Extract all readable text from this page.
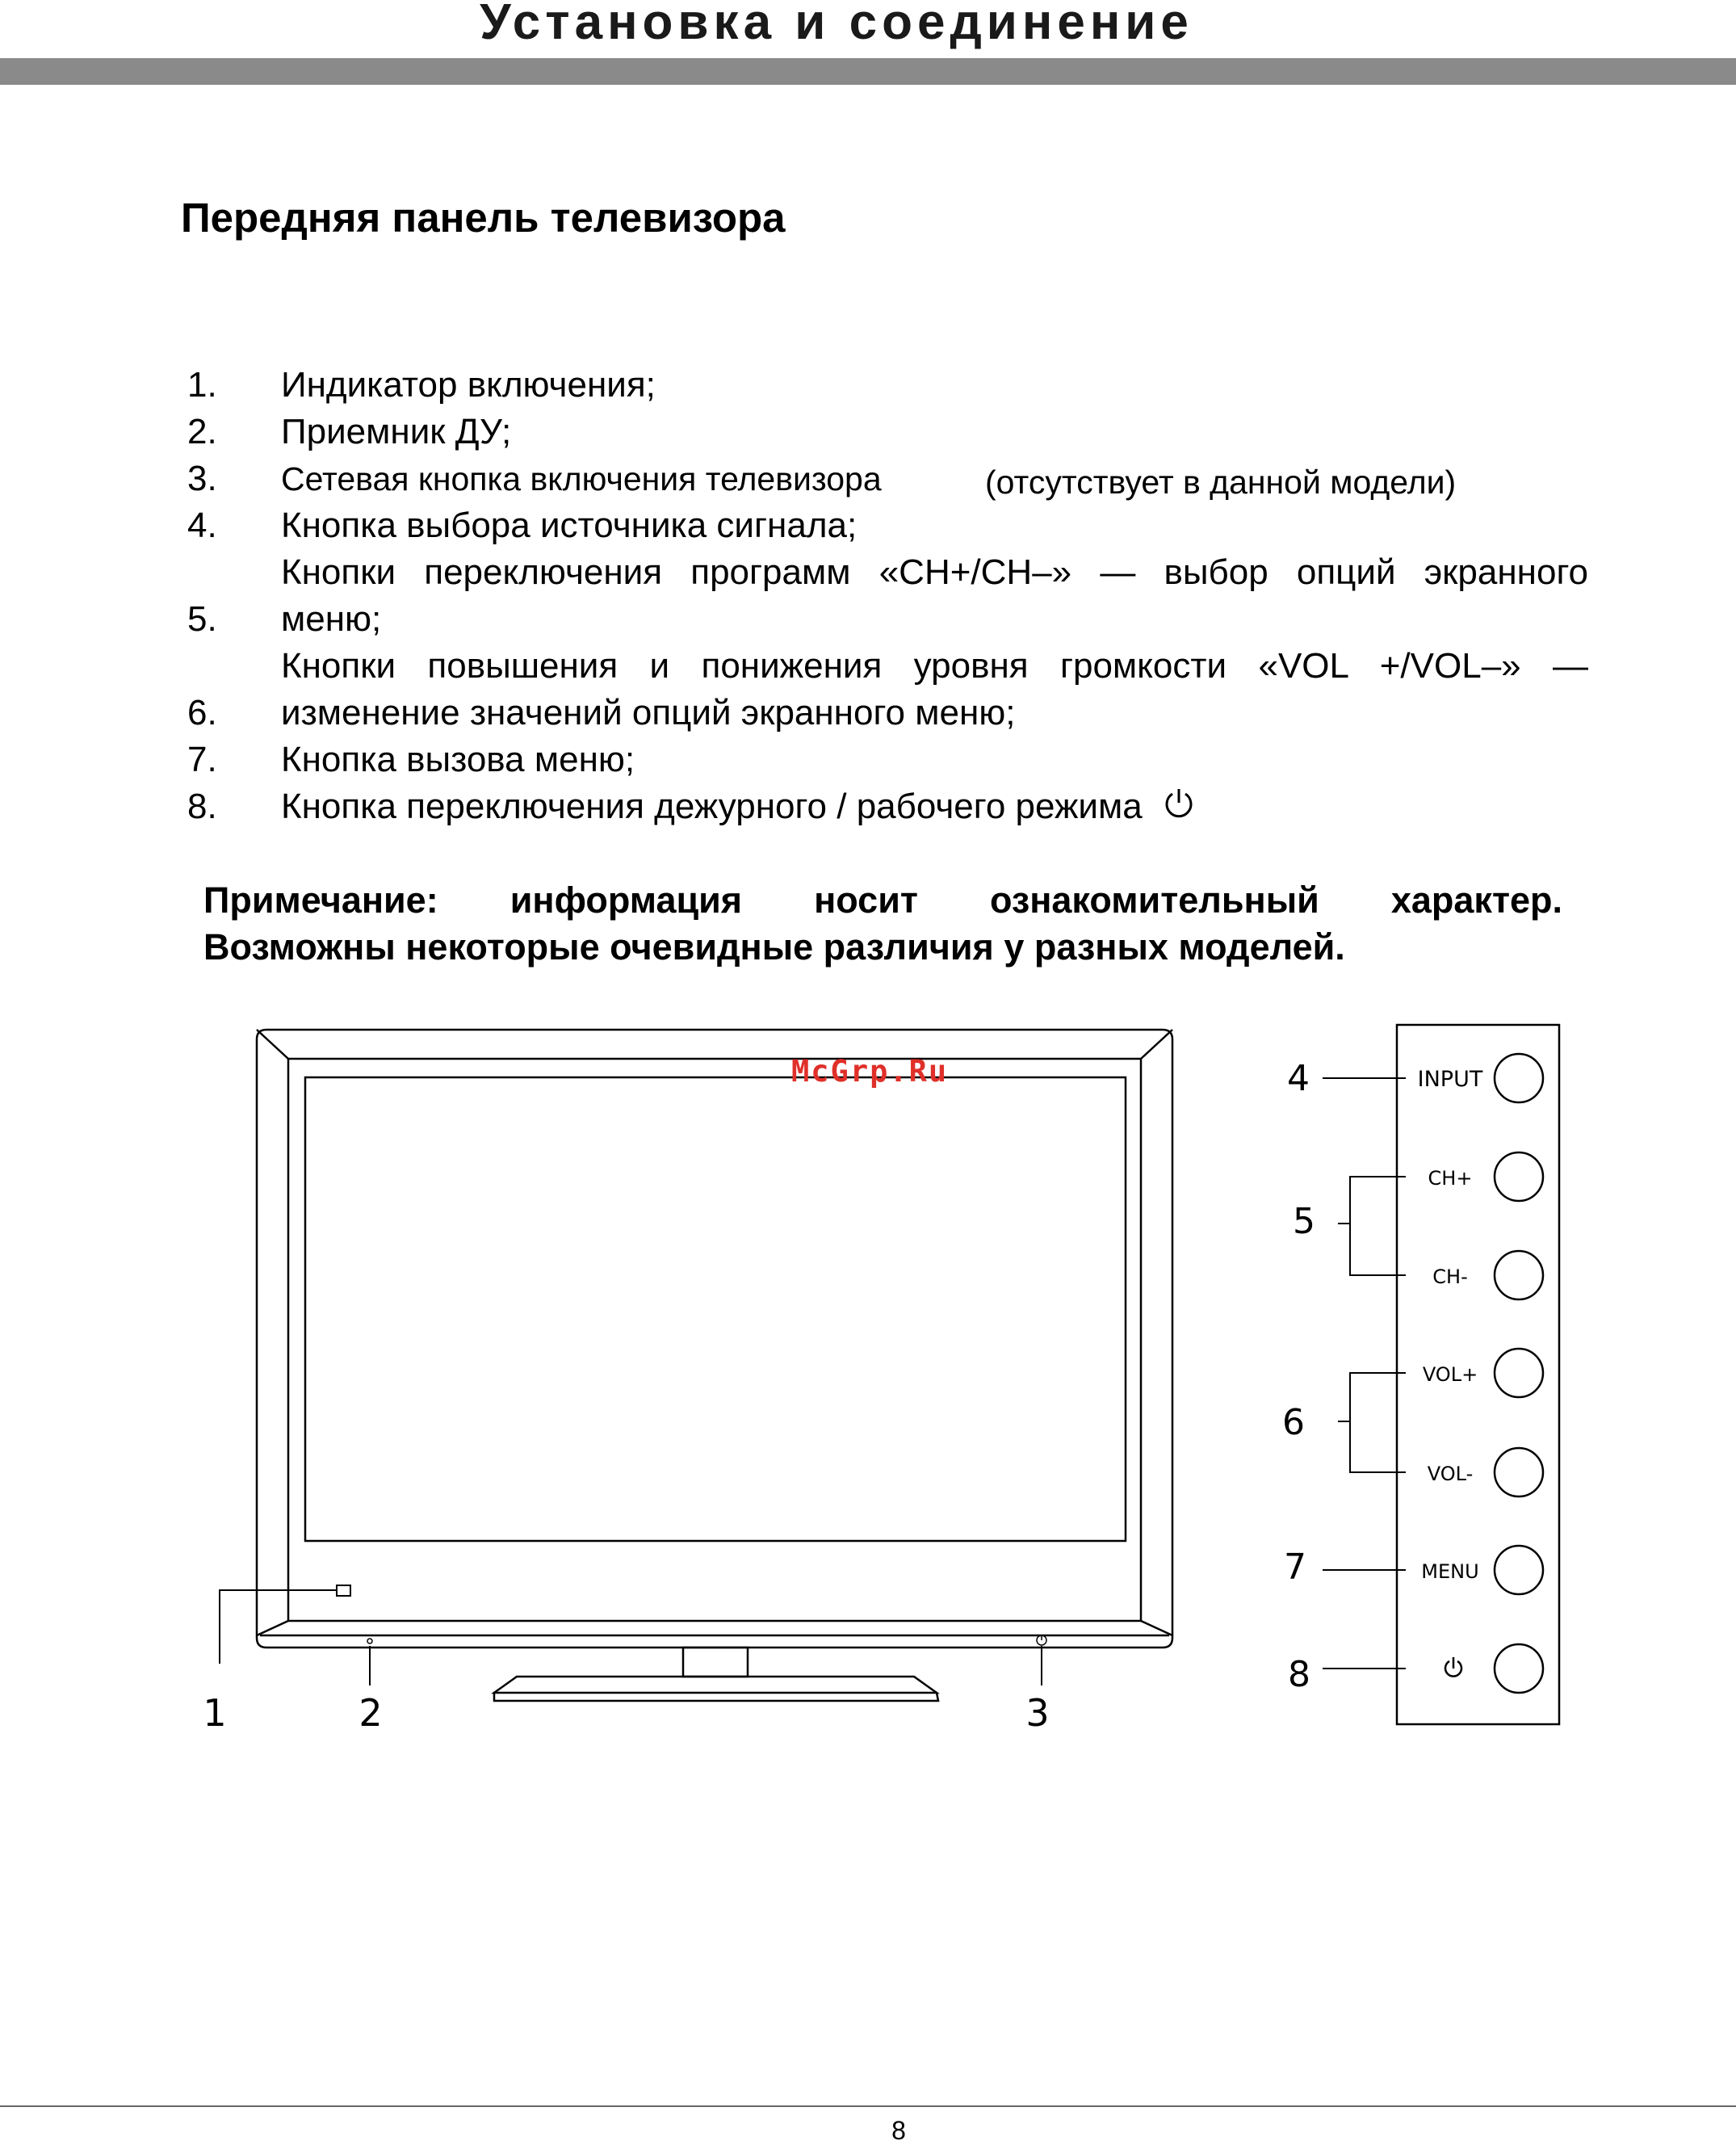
Установка и соединение
Передняя панель телевизора
1. Индикатор включения;
2. Приемник ДУ;
3. Сетевая кнопка включения телевизора	(отсутствует в данной модели)
4. Кнопка выбора источника сигнала;
Кнопки переключения программ «CH+/CH–» — выбор опций экранного
5. меню;
Кнопки повышения и понижения уровня громкости «VOL +/VOL–» —
6. изменение значений опций экранного меню;
7. Кнопка вызова меню;
8. Кнопка переключения дежурного / рабочего режима
Примечание: информация носит ознакомительный характер.
Возможны некоторые очевидные различия у разных моделей.
1	2	3
INPUT
CH+
CH-
VOL+
VOL-
MENU
4
5
6
7
8
McGrp.Ru
8
